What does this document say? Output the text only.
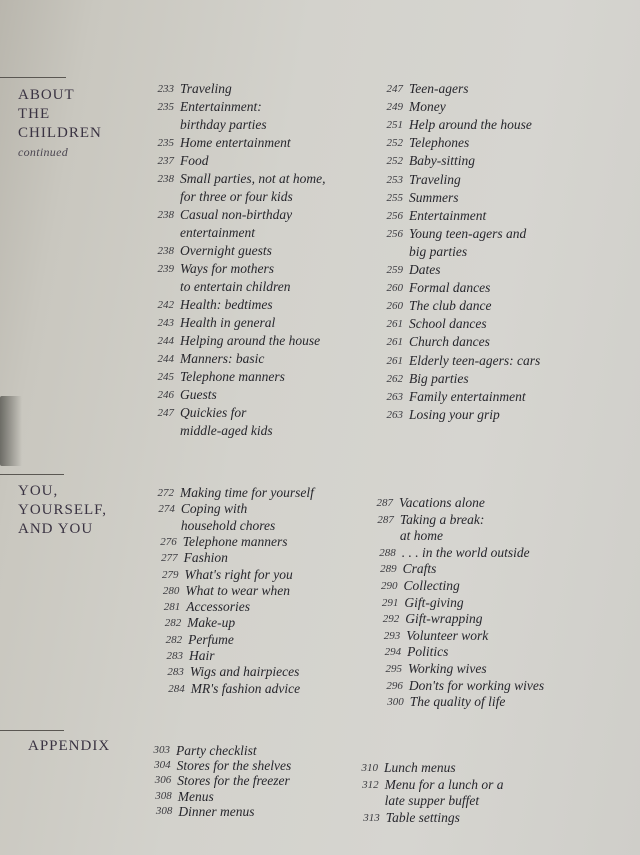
ABOUT
THE
CHILDREN
continued
233 Traveling
235 Entertainment:
birthday parties
235 Home entertainment
237 Food
238 Small parties, not at home,
for three or four kids
238 Casual non-birthday
entertainment
238 Overnight guests
239 Ways for mothers
to entertain children
242 Health: bedtimes
243 Health in general
244 Helping around the house
244 Manners: basic
245 Telephone manners
246 Guests
247 Quickies for
middle-aged kids
247 Teen-agers
249 Money
251 Help around the house
252 Telephones
252 Baby-sitting
253 Traveling
255 Summers
256 Entertainment
256 Young teen-agers and
big parties
259 Dates
260 Formal dances
260 The club dance
261 School dances
261 Church dances
261 Elderly teen-agers: cars
262 Big parties
263 Family entertainment
263 Losing your grip
YOU,
YOURSELF,
AND YOU
272 Making time for yourself
274 Coping with
household chores
276 Telephone manners
277 Fashion
279 What's right for you
280 What to wear when
281 Accessories
282 Make-up
282 Perfume
283 Hair
283 Wigs and hairpieces
284 MR's fashion advice
287 Vacations alone
287 Taking a break:
at home
288 . . . in the world outside
289 Crafts
290 Collecting
291 Gift-giving
292 Gift-wrapping
293 Volunteer work
294 Politics
295 Working wives
296 Don'ts for working wives
300 The quality of life
APPENDIX	303 Party checklist
304 Stores for the shelves
306 Stores for the freezer
308 Menus
308 Dinner menus
310 Lunch menus
312 Menu for a lunch or a
late supper buffet
313 Table settings
